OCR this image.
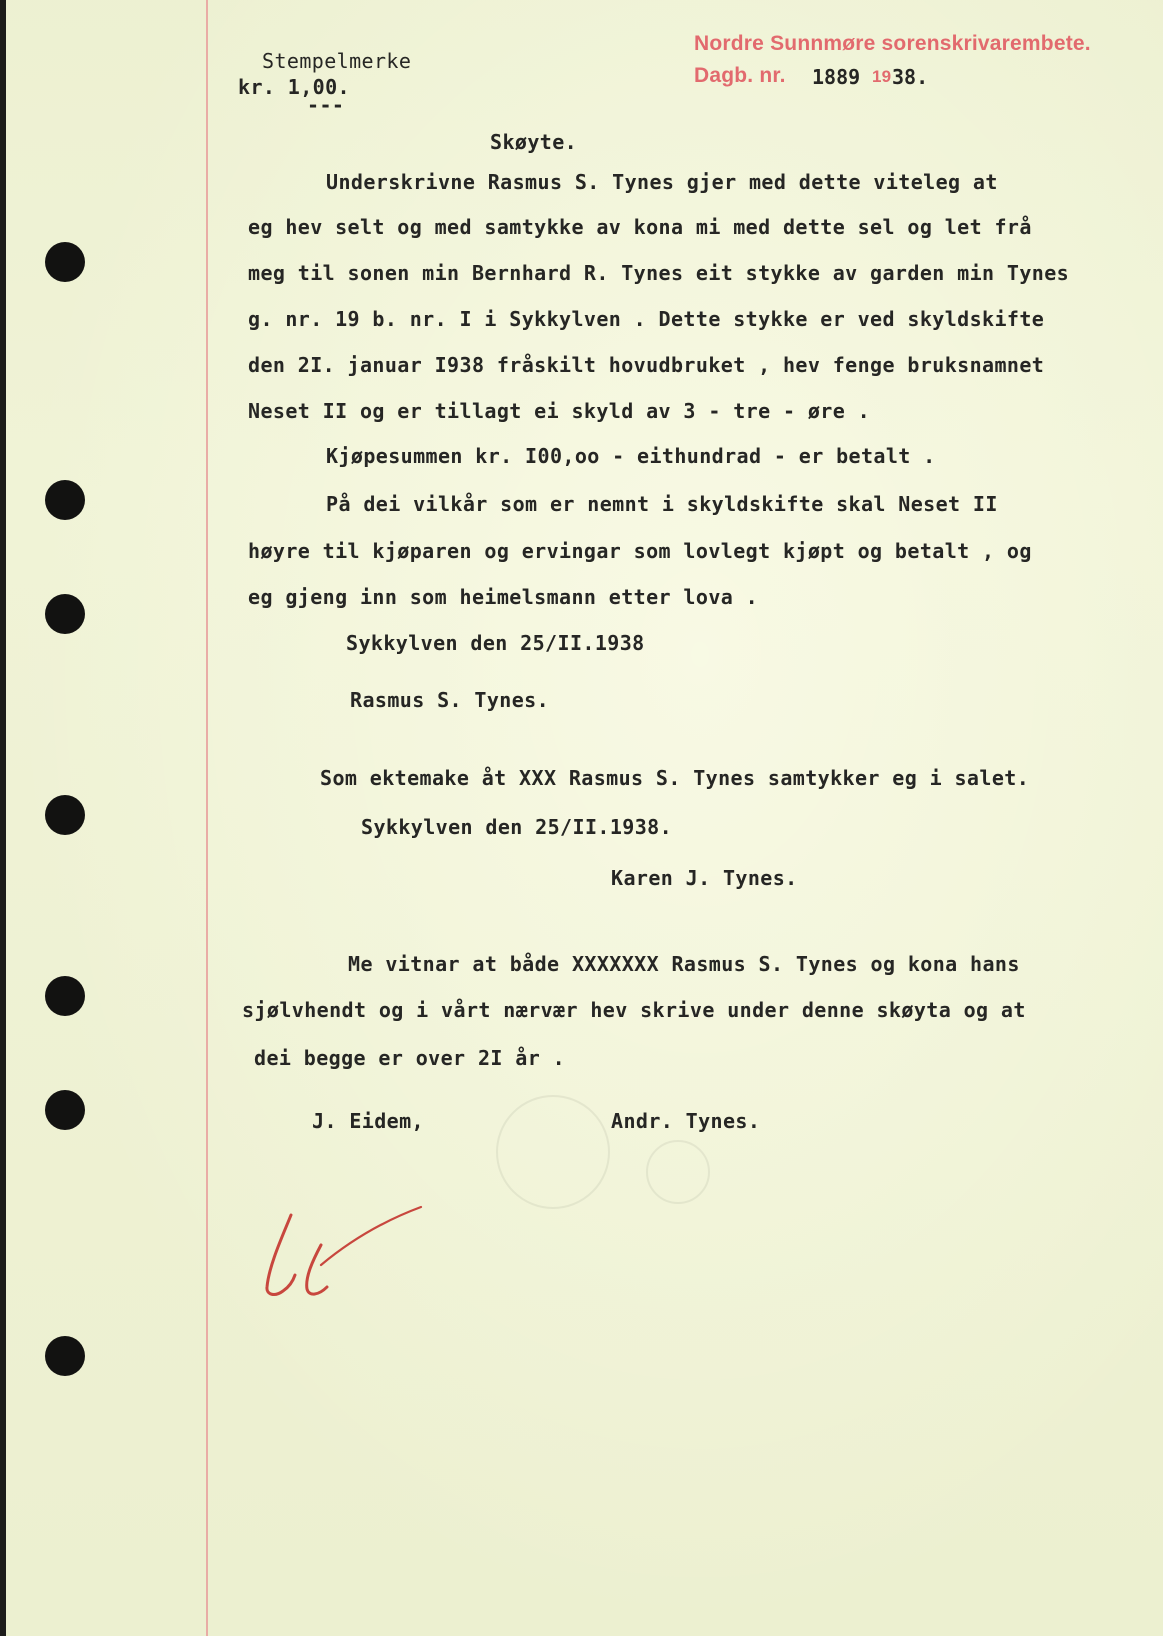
Nordre Sunnmøre sorenskrivarembete.
Dagb. nr. 1889 19 38.
Stempelmerke
kr. 1,00.
---
Skøyte.
Underskrivne Rasmus S. Tynes gjer med dette viteleg at
eg hev selt og med samtykke av kona mi med dette sel og let frå
meg til sonen min Bernhard R. Tynes eit stykke av garden min Tynes
g. nr. 19 b. nr. I i Sykkylven . Dette stykke er ved skyldskifte
den 2I. januar I938 fråskilt hovudbruket , hev fenge bruksnamnet
Neset II og er tillagt ei skyld av 3 - tre - øre .
Kjøpesummen kr. I00,oo - eithundrad - er betalt .
På dei vilkår som er nemnt i skyldskifte skal Neset II
høyre til kjøparen og ervingar som lovlegt kjøpt og betalt , og
eg gjeng inn som heimelsmann etter lova .
Sykkylven den 25/II.1938
Rasmus S. Tynes.
Som ektemake åt XXX Rasmus S. Tynes samtykker eg i salet.
Sykkylven den 25/II.1938.
Karen J. Tynes.
Me vitnar at både XXXXXXX Rasmus S. Tynes og kona hans
sjølvhendt og i vårt nærvær hev skrive under denne skøyta og at
dei begge er over 2I år .
J. Eidem,	Andr. Tynes.
